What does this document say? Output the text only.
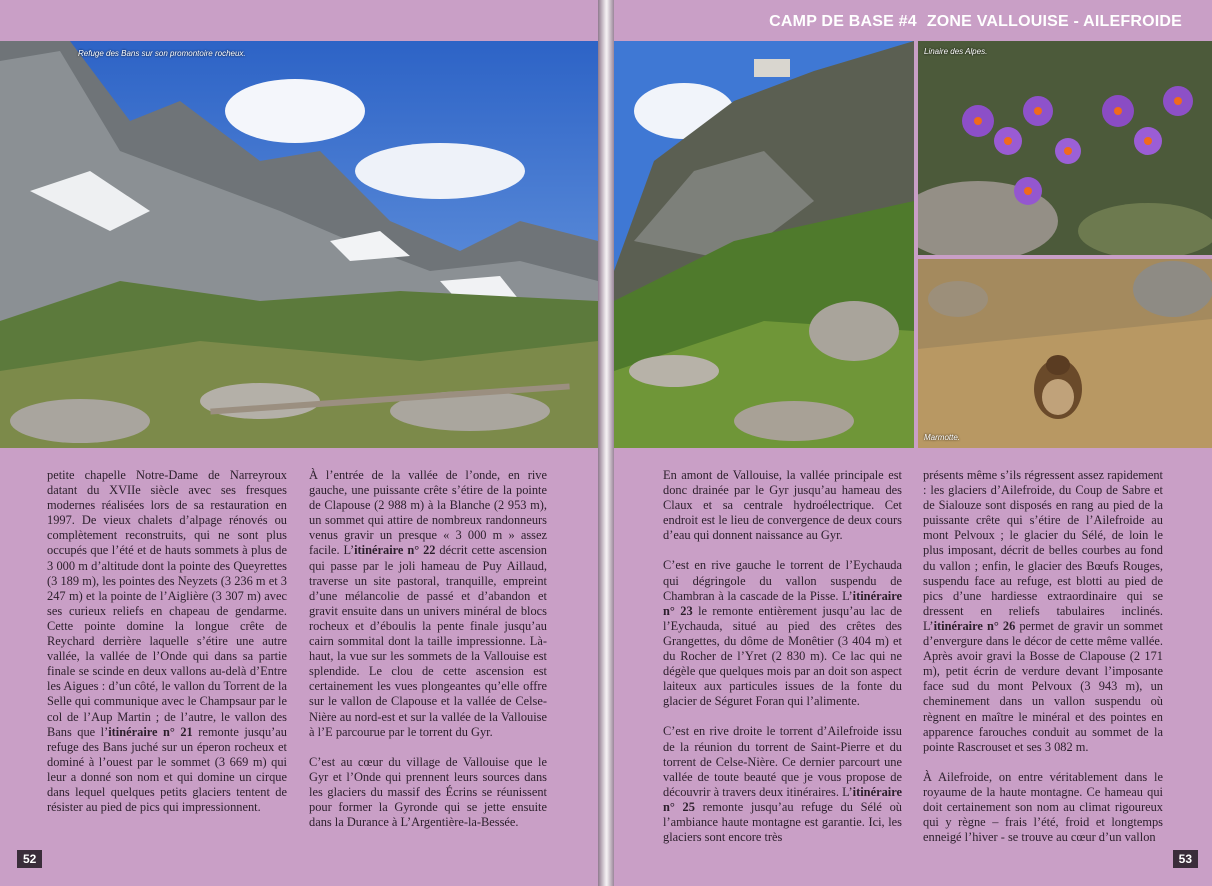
Refuge des Bans sur son promontoire rocheux.

petite chapelle Notre-Dame de Narreyroux datant du XVIIe siècle avec ses fresques modernes réalisées lors de sa restauration en 1997. De vieux chalets d’alpage rénovés ou complètement reconstruits, qui ne sont plus occupés que l’été et de hauts sommets à plus de 3 000 m d’altitude dont la pointe des Queyrettes (3 189 m), les pointes des Neyzets (3 236 m et 3 247 m) et la pointe de l’Aiglière (3 307 m) avec ses curieux reliefs en chapeau de gendarme. Cette pointe domine la longue crête de Reychard derrière laquelle s’étire une autre vallée, la vallée de l’Onde qui dans sa partie finale se scinde en deux vallons au-delà d’Entre les Aigues : d’un côté, le vallon du Torrent de la Selle qui communique avec le Champsaur par le col de l’Aup Martin ; de l’autre, le vallon des Bans que l’itinéraire n° 21 remonte jusqu’au refuge des Bans juché sur un éperon rocheux et dominé à l’ouest par le sommet (3 669 m) qui leur a donné son nom et qui domine un cirque dans lequel quelques petits glaciers tentent de résister au pied de pics qui impressionnent.

À l’entrée de la vallée de l’onde, en rive gauche, une puissante crête s’étire de la pointe de Clapouse (2 988 m) à la Blanche (2 953 m), un sommet qui attire de nombreux randonneurs venus gravir un presque « 3 000 m » assez facile. L’itinéraire n° 22 décrit cette ascension qui passe par le joli hameau de Puy Aillaud, traverse un site pastoral, tranquille, empreint d’une mélancolie de passé et d’abandon et gravit ensuite dans un univers minéral de blocs rocheux et d’éboulis la pente finale jusqu’au cairn sommital dont la taille impressionne. Là-haut, la vue sur les sommets de la Vallouise est splendide. Le clou de cette ascension est certainement les vues plongeantes qu’elle offre sur le vallon de Clapouse et la vallée de Celse-Nière au nord-est et sur la vallée de la Vallouise à l’E parcourue par le torrent du Gyr.

C’est au cœur du village de Vallouise que le Gyr et l’Onde qui prennent leurs sources dans les glaciers du massif des Écrins se réunissent pour former la Gyronde qui se jette ensuite dans la Durance à L’Argentière-la-Bessée.

52
CAMP DE BASE #4 ZONE VALLOUISE - AILEFROIDE
Linaire des Alpes.
Marmotte.

En amont de Vallouise, la vallée principale est donc drainée par le Gyr jusqu’au hameau des Claux et sa centrale hydroélectrique. Cet endroit est le lieu de convergence de deux cours d’eau qui donnent naissance au Gyr.

C’est en rive gauche le torrent de l’Eychauda qui dégringole du vallon suspendu de Chambran à la cascade de la Pisse. L’itinéraire n° 23 le remonte entièrement jusqu’au lac de l’Eychauda, situé au pied des crêtes des Grangettes, du dôme de Monêtier (3 404 m) et du Rocher de l’Yret (2 830 m). Ce lac qui ne dégèle que quelques mois par an doit son aspect laiteux aux particules issues de la fonte du glacier de Séguret Foran qui l’alimente.

C’est en rive droite le torrent d’Ailefroide issu de la réunion du torrent de Saint-Pierre et du torrent de Celse-Nière. Ce dernier parcourt une vallée de toute beauté que je vous propose de découvrir à travers deux itinéraires. L’itinéraire n° 25 remonte jusqu’au refuge du Sélé où l’ambiance haute montagne est garantie. Ici, les glaciers sont encore très

présents même s’ils régressent assez rapidement : les glaciers d’Ailefroide, du Coup de Sabre et de Sialouze sont disposés en rang au pied de la puissante crête qui s’étire de l’Ailefroide au mont Pelvoux ; le glacier du Sélé, de loin le plus imposant, décrit de belles courbes au fond du vallon ; enfin, le glacier des Bœufs Rouges, suspendu face au refuge, est blotti au pied de pics d’une hardiesse extraordinaire qui se dressent en reliefs tabulaires inclinés. L’itinéraire n° 26 permet de gravir un sommet d’envergure dans le décor de cette même vallée. Après avoir gravi la Bosse de Clapouse (2 171 m), petit écrin de verdure devant l’imposante face sud du mont Pelvoux (3 943 m), un cheminement dans un vallon suspendu où règnent en maître le minéral et des pointes en apparence farouches conduit au sommet de la pointe Rascrouset et ses 3 082 m.

À Ailefroide, on entre véritablement dans le royaume de la haute montagne. Ce hameau qui doit certainement son nom au climat rigoureux qui y règne – frais l’été, froid et longtemps enneigé l’hiver - se trouve au cœur d’un vallon

53
